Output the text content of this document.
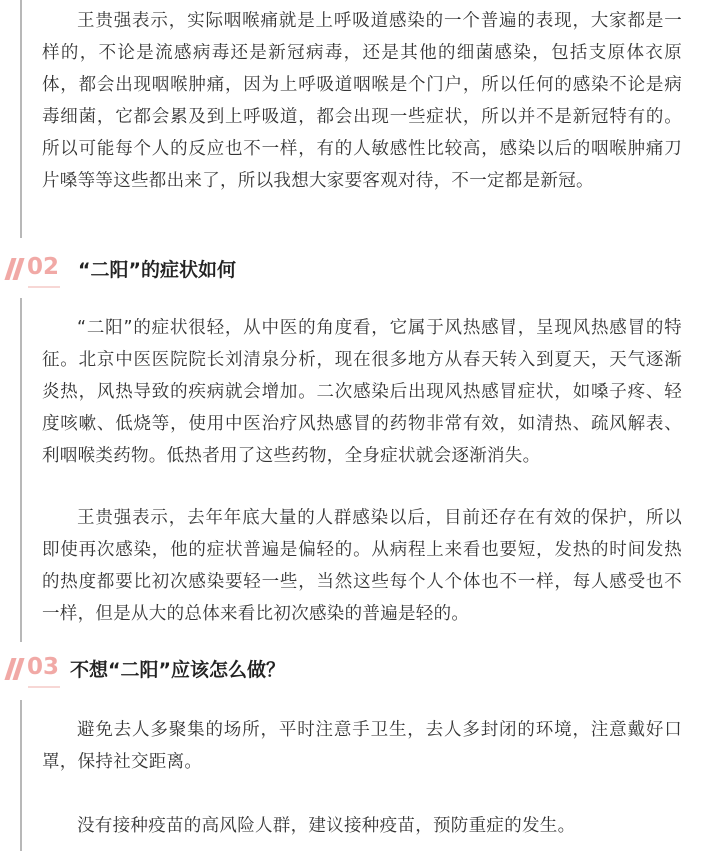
王贵强表示，实际咽喉痛就是上呼吸道感染的一个普遍的表现，大家都是一样的，不论是流感病毒还是新冠病毒，还是其他的细菌感染，包括支原体衣原体，都会出现咽喉肿痛，因为上呼吸道咽喉是个门户，所以任何的感染不论是病毒细菌，它都会累及到上呼吸道，都会出现一些症状，所以并不是新冠特有的。所以可能每个人的反应也不一样，有的人敏感性比较高，感染以后的咽喉肿痛刀片嗓等等这些都出来了，所以我想大家要客观对待，不一定都是新冠。

02 “二阳”的症状如何

“二阳”的症状很轻，从中医的角度看，它属于风热感冒，呈现风热感冒的特征。北京中医医院院长刘清泉分析，现在很多地方从春天转入到夏天，天气逐渐炎热，风热导致的疾病就会增加。二次感染后出现风热感冒症状，如嗓子疼、轻度咳嗽、低烧等，使用中医治疗风热感冒的药物非常有效，如清热、疏风解表、利咽喉类药物。低热者用了这些药物，全身症状就会逐渐消失。

王贵强表示，去年年底大量的人群感染以后，目前还存在有效的保护，所以即使再次感染，他的症状普遍是偏轻的。从病程上来看也要短，发热的时间发热的热度都要比初次感染要轻一些，当然这些每个人个体也不一样，每人感受也不一样，但是从大的总体来看比初次感染的普遍是轻的。

03 不想“二阳”应该怎么做？

避免去人多聚集的场所，平时注意手卫生，去人多封闭的环境，注意戴好口罩，保持社交距离。

没有接种疫苗的高风险人群，建议接种疫苗，预防重症的发生。
